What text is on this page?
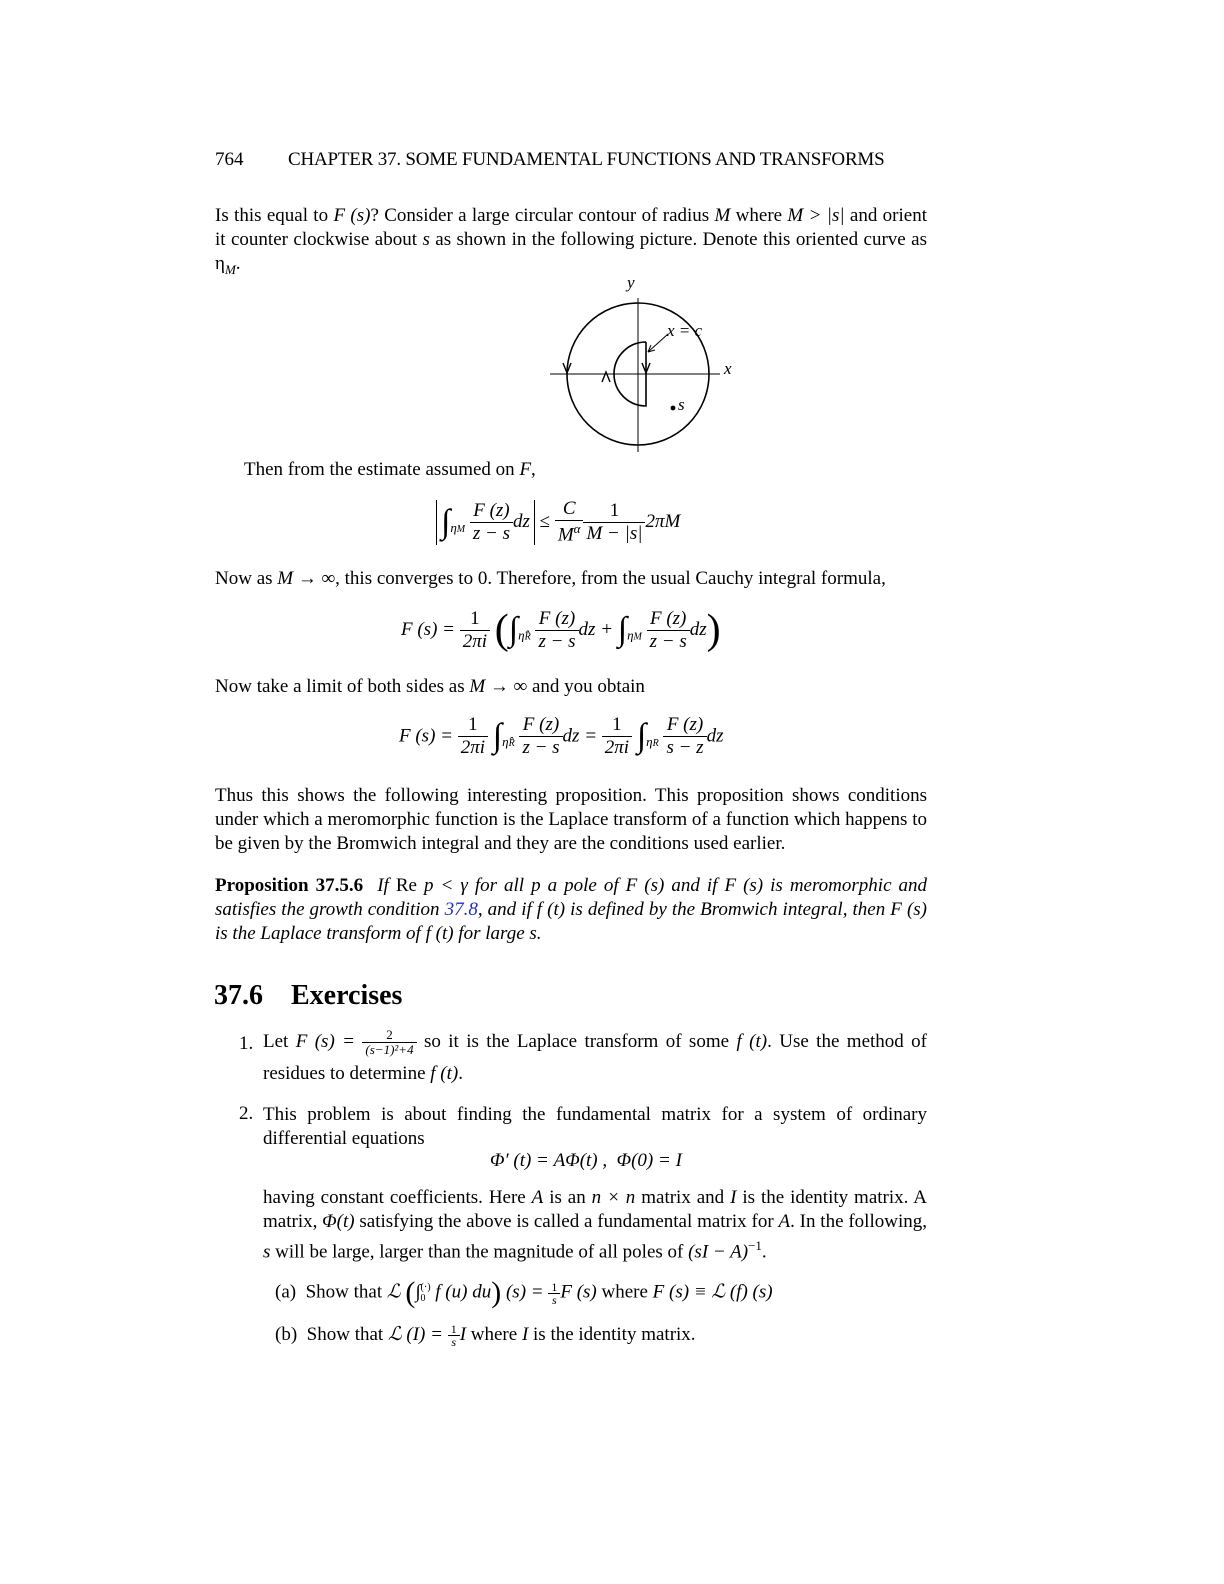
764 CHAPTER 37. SOME FUNDAMENTAL FUNCTIONS AND TRANSFORMS
Is this equal to F (s)? Consider a large circular contour of radius M where M > |s| and orient it counter clockwise about s as shown in the following picture. Denote this oriented curve as $\eta_M$.
y
x
x = c
s
Then from the estimate assumed on F,
$\int_{\eta M} \frac{F (z)}{z - s}$ dz ≤ $\frac{C}{M^\alpha} \frac{1}{M - |s|} 2\pi M$
Now as M → ∞, this converges to 0. Therefore, from the usual Cauchy integral formula,
F $(s) = \frac{1}{2\pi i} (\int_{\etâR} \frac{F (z)}{z - s}$ dz + $\int_{\eta M} \frac{F (z)}{z - s} dz$)
Now take a limit of both sides as M → ∞ and you obtain
F $(s) = \frac{1}{2\pi i} \int_{\etâR} \frac{F (z)}{z - s}$ dz = $\frac{1}{2\pi i} \int_{\eta R} \frac{F (z)}{s - z}$ dz
Thus this shows the following interesting proposition. This proposition shows conditions under which a meromorphic function is the Laplace transform of a function which happens to be given by the Bromwich integral and they are the conditions used earlier.
Proposition 37.5.6 If Re p < γ for all p a pole of F (s) and if F (s) is meromorphic and satisfies the growth condition 37.8, and if f (t) is defined by the Bromwich integral, then F (s) is the Laplace transform of f (t) for large s.
37.6 Exercises
1. Let F $(s) = \frac{2}{\text{(s−1)²+4}}$ so it is the Laplace transform of some f (t). Use the method of residues to determine f (t).
2. This problem is about finding the fundamental matrix for a system of ordinary differential equations
Φ′ (t) = AΦ(t) ,  Φ(0) = I
having constant coefficients. Here A is an n × n matrix and I is the identity matrix. A matrix, Φ(t) satisfying the above is called a fundamental matrix for A. In the following, s will be large, larger than the magnitude of all poles of (sI − A)$^{-1}$.
(a) Show that ℒ (∫ (·)
0 f (u) du) $(s) = \frac{1}{s}$ F (s) where F (s) ≡ ℒ (f) (s)
(b) Show that ℒ $(I) = \frac{1}{s}$ I where I is the identity matrix.
